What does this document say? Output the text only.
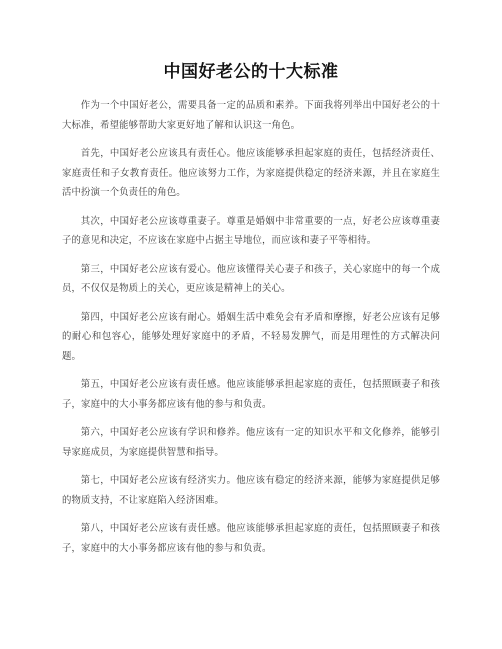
中国好老公的十大标准

作为一个中国好老公，需要具备一定的品质和素养。下面我将列举出中国好老公的十大标准，希望能够帮助大家更好地了解和认识这一角色。

首先，中国好老公应该具有责任心。他应该能够承担起家庭的责任，包括经济责任、家庭责任和子女教育责任。他应该努力工作，为家庭提供稳定的经济来源，并且在家庭生活中扮演一个负责任的角色。

其次，中国好老公应该尊重妻子。尊重是婚姻中非常重要的一点，好老公应该尊重妻子的意见和决定，不应该在家庭中占据主导地位，而应该和妻子平等相待。

第三，中国好老公应该有爱心。他应该懂得关心妻子和孩子，关心家庭中的每一个成员，不仅仅是物质上的关心，更应该是精神上的关心。

第四，中国好老公应该有耐心。婚姻生活中难免会有矛盾和摩擦，好老公应该有足够的耐心和包容心，能够处理好家庭中的矛盾，不轻易发脾气，而是用理性的方式解决问题。

第五，中国好老公应该有责任感。他应该能够承担起家庭的责任，包括照顾妻子和孩子，家庭中的大小事务都应该有他的参与和负责。

第六，中国好老公应该有学识和修养。他应该有一定的知识水平和文化修养，能够引导家庭成员，为家庭提供智慧和指导。

第七，中国好老公应该有经济实力。他应该有稳定的经济来源，能够为家庭提供足够的物质支持，不让家庭陷入经济困难。

第八，中国好老公应该有责任感。他应该能够承担起家庭的责任，包括照顾妻子和孩子，家庭中的大小事务都应该有他的参与和负责。
